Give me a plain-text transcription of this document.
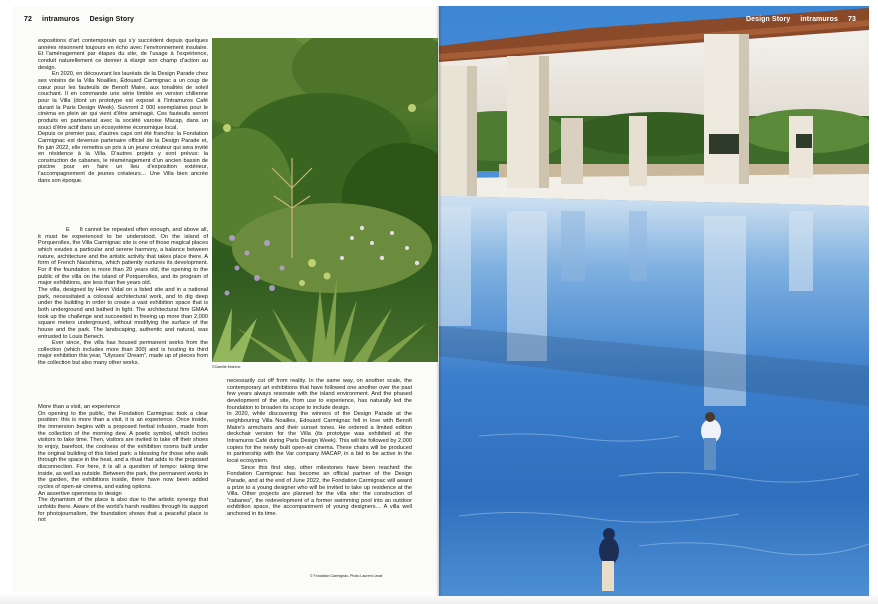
72 intramuros Design Story

expositions d’art contemporain qui s’y succèdent depuis quelques années résonnent toujours en écho avec l’environnement insulaire. Et l’aménagement par étapes du site, de l’usage à l’expérience, conduit naturellement ce dernier à élargir son champ d’action au design.

En 2020, en découvrant les lauréats de la Design Parade chez ses voisins de la Villa Noailles, Édouard Carmignac a un coup de cœur pour les fauteuils de Benoît Maire, aux tonalités de soleil couchant. Il en commande une série limitée en version chilienne pour la Villa (dont un prototype est exposé à l’Intramuros Café durant la Paris Design Week). Suivront 2 000 exemplaires pour le cinéma en plein air qui vient d’être aménagé. Ces fauteuils seront produits en partenariat avec la société varoise Macap, dans un souci d’être actif dans un écosystème économique local.

Depuis ce premier pas, d’autres caps ont été franchis: la Fondation Carmignac est devenue partenaire officiel de la Design Parade et, fin juin 2022, elle remettra un prix à un jeune créateur qui sera invité en résidence à la Villa. D’autres projets y sont prévus: la construction de cabanes, le réaménagement d’un ancien bassin de piscine pour en faire un lieu d’exposition extérieur, l’accompagnement de jeunes créateurs… Une Villa bien ancrée dans son époque.

E It cannot be repeated often enough, and above all, it must be experienced to be understood. On the island of Porquerolles, the Villa Carmignac site is one of those magical places which exudes a particular and serene harmony, a balance between nature, architecture and the artistic activity that takes place there. A form of French Naoshima, which patiently nurtures its development. For if the foundation is more than 20 years old, the opening to the public of the villa on the island of Porquerolles, and its program of major exhibitions, are less than five years old.

The villa, designed by Henri Vidal on a listed site and in a national park, necessitated a colossal architectural work, and to dig deep under the building in order to create a vast exhibition space that is both underground and bathed in light. The architectural firm GMAA took up the challenge and succeeded in freeing up more than 2,000 square meters underground, without modifying the surface of the house and the park. The landscaping, authentic and natural, was entrusted to Louis Benech.

Ever since, the villa has housed permanent works from the collection (which includes more than 300) and is hosting its third major exhibition this year, “Ulysses’ Dream”, made up of pieces from the collection but also many other works.

More than a visit, an experience

On opening to the public, the Fondation Carmignac took a clear position: this is more than a visit, it is an experience. Once inside, the immersion begins with a proposed herbal infusion, made from the collection of the morning dew. A poetic symbol, which incites visitors to take time. Then, visitors are invited to take off their shoes to enjoy, barefoot, the coolness of the exhibition rooms built under the original building of this listed park: a blessing for those who walk through the space in the heat, and a ritual that adds to the proposed disconnection. For here, it is all a question of tempo: taking time inside, as well as outside. Between the park, the permanent works in the garden, the exhibitions inside, there have now been added cycles of open-air cinema, and eating options.

An assertive openness to design

The dynamism of the place is also due to the artistic synergy that unfolds there. Aware of the world’s harsh realities through its support for photojournalism, the foundation shows that a peaceful place is not

necessarily cut off from reality. In the same way, on another scale, the contemporary art exhibitions that have followed one another over the past few years always resonate with the island environment. And the phased development of the site, from use to experience, has naturally led the foundation to broaden its scope to include design.

In 2020, while discovering the winners of the Design Parade at the neighbouring Villa Noailles, Edouard Carmignac fell in love with Benoît Maire’s armchairs and their sunset tones. He ordered a limited edition deckchair version for the Villa (its prototype was exhibited at the Intramuros Café during Paris Design Week). This will be followed by 2,000 copies for the newly built open-air cinema. These chairs will be produced in partnership with the Var company MACAP, in a bid to be active in the local ecosystem.

Since this first step, other milestones have been reached: the Fondation Carmignac has become an official partner of the Design Parade, and at the end of June 2022, the Fondation Carmignac will award a prize to a young designer who will be invited to take up residence at the Villa. Other projects are planned for the villa site: the construction of “cabanes”, the redevelopment of a former swimming pool into an outdoor exhibition space, the accompaniment of young designers… A villa well anchored in its time.

©Camille Moirenc
Design Story intramuros 73
© Fondation Carmignac, Photo Laurent Lecat
